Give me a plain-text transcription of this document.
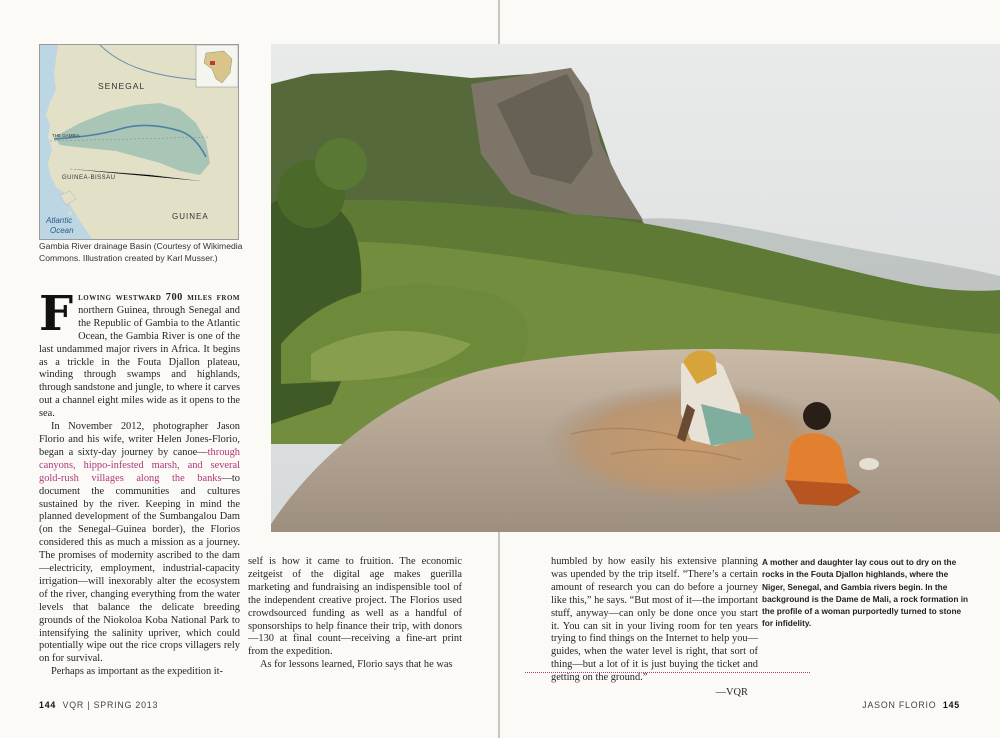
SENEGAL
THE GAMBIA
GUINEA-BISSAU
GUINEA
Atlantic
Ocean
Gambia River drainage Basin (Courtesy of Wikimedia Commons. Illustration created by Karl Musser.)

Flowing westward 700 miles from northern Guinea, through Senegal and the Republic of Gambia to the Atlantic Ocean, the Gambia River is one of the last undammed major rivers in Africa. It begins as a trickle in the Fouta Djallon plateau, winding through swamps and highlands, through sandstone and jungle, to where it carves out a channel eight miles wide as it opens to the sea.

In November 2012, photographer Jason Florio and his wife, writer Helen Jones-Florio, began a sixty-day journey by canoe—through canyons, hippo-infested marsh, and several gold-rush villages along the banks—to document the communities and cultures sustained by the river. Keeping in mind the planned development of the Sumbangalou Dam (on the Senegal–Guinea border), the Florios considered this as much a mission as a journey. The promises of modernity ascribed to the dam—electricity, employment, industrial-capacity irrigation—will inexorably alter the ecosystem of the river, changing everything from the water levels that balance the delicate breeding grounds of the Niokoloa Koba National Park to intensifying the salinity upriver, which could potentially wipe out the rice crops villagers rely on for survival.

Perhaps as important as the expedition it-

self is how it came to fruition. The economic zeitgeist of the digital age makes guerilla marketing and fundraising an indispensible tool of the independent creative project. The Florios used crowdsourced funding as well as a handful of sponsorships to help finance their trip, with donors—130 at final count—receiving a fine-art print from the expedition.

As for lessons learned, Florio says that he was

humbled by how easily his extensive planning was upended by the trip itself. “There’s a certain amount of research you can do before a journey like this,” he says. “But most of it—the important stuff, anyway—can only be done once you start it. You can sit in your living room for ten years trying to find things on the Internet to help you—guides, when the water level is right, that sort of thing—but a lot of it is just buying the ticket and getting on the ground.”

—VQR

A mother and daughter lay cous out to dry on the rocks in the Fouta Djallon highlands, where the Niger, Senegal, and Gambia rivers begin. In the background is the Dame de Mali, a rock formation in the profile of a woman purportedly turned to stone for infidelity.
144 VQR | SPRING 2013	JASON FLORIO 145
